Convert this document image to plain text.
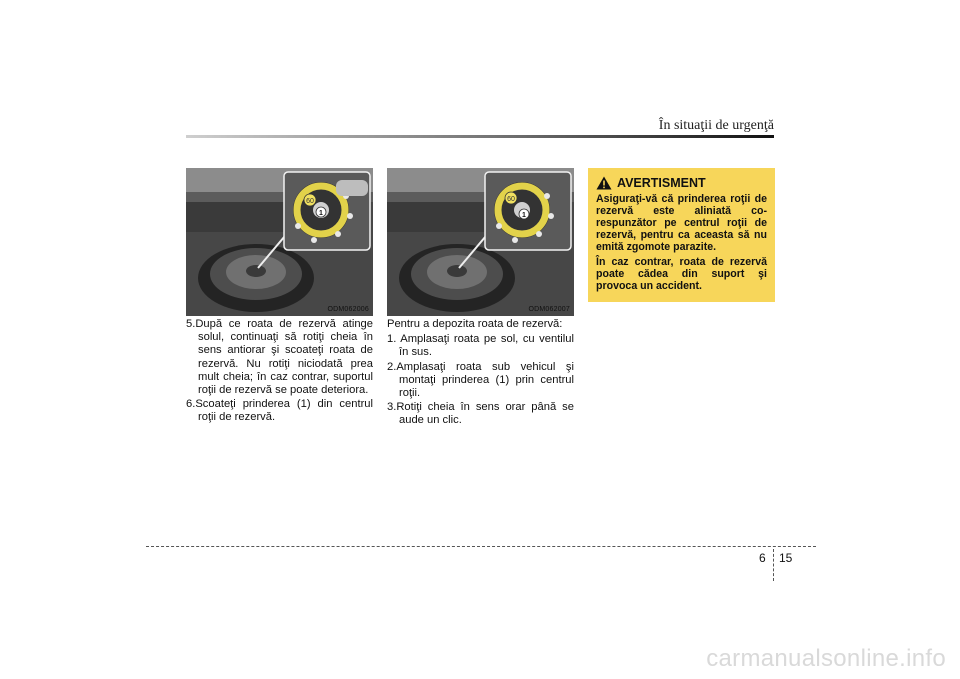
În situaţii de urgenţă
60
1
ODM062006
60
1
ODM062007

5.După ce roata de rezervă atinge solul, continuaţi să rotiţi cheia în sens antiorar şi scoateţi roata de rezervă. Nu rotiţi niciodată prea mult cheia; în caz contrar, suportul roţii de rezervă se poate deteriora.

6.Scoateţi prinderea (1) din centrul roţii de rezervă.

Pentru a depozita roata de rezervă:

1. Amplasaţi roata pe sol, cu ventilul în sus.

2.Amplasaţi roata sub vehicul şi montaţi prinderea (1) prin centrul roţii.

3.Rotiţi cheia în sens orar până se aude un clic.

AVERTISMENT

Asiguraţi-vă că prinderea roţii de rezervă este aliniată co-respunzător pe centrul roţii de rezervă, pentru ca aceasta să nu emită zgomote parazite.

În caz contrar, roata de rezervă poate cădea din suport şi provoca un accident.

6 15
carmanualsonline.info
